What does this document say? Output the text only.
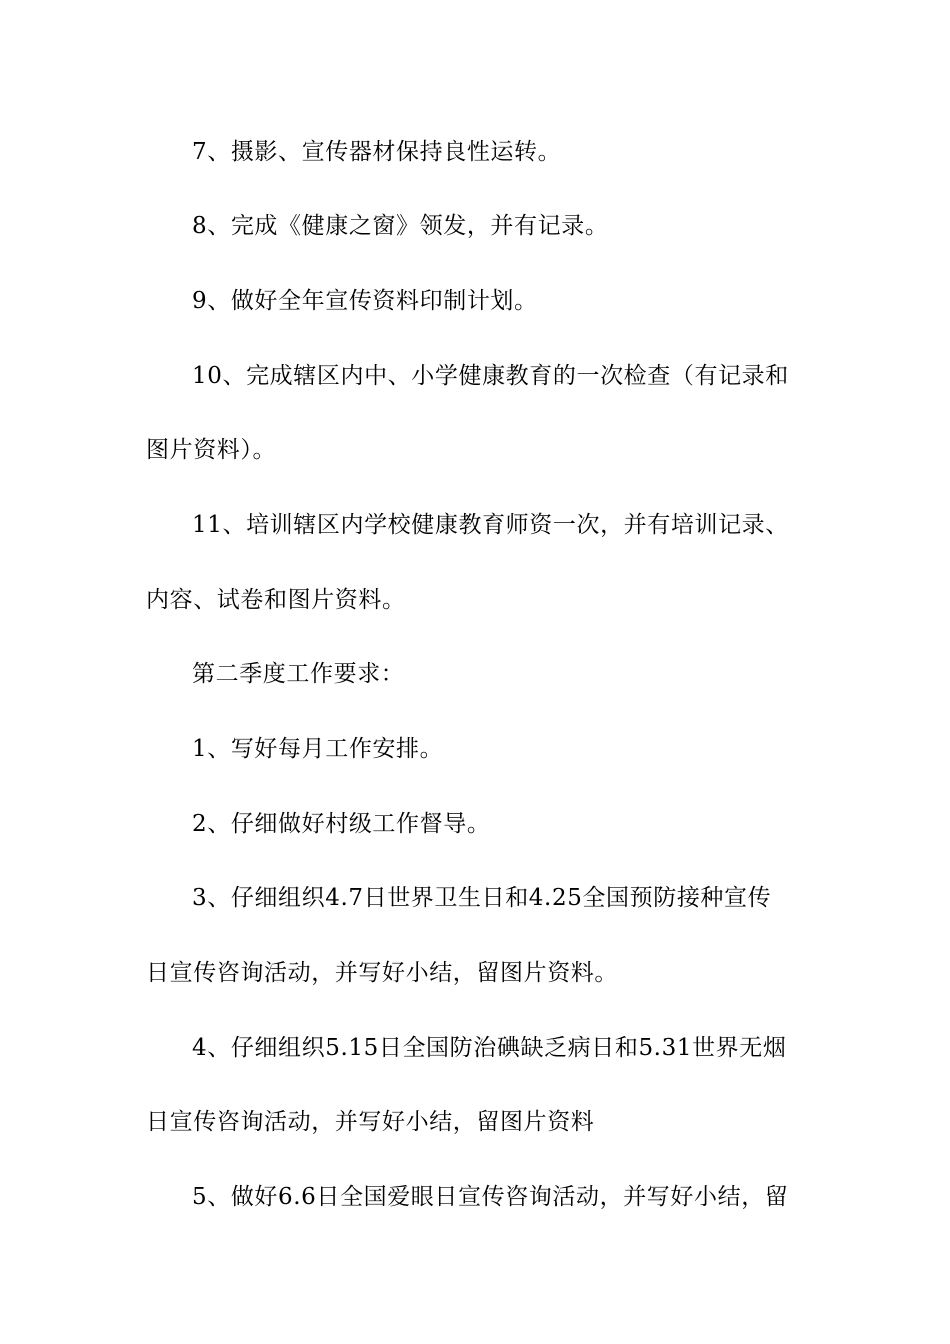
7、摄影、宣传器材保持良性运转。
8、完成《健康之窗》领发，并有记录。
9、做好全年宣传资料印制计划。
10、完成辖区内中、小学健康教育的一次检查（有记录和
图片资料）。
11、培训辖区内学校健康教育师资一次，并有培训记录、
内容、试卷和图片资料。
第二季度工作要求：
1、写好每月工作安排。
2、仔细做好村级工作督导。
3、仔细组织4.7日世界卫生日和4.25全国预防接种宣传
日宣传咨询活动，并写好小结，留图片资料。
4、仔细组织5.15日全国防治碘缺乏病日和5.31世界无烟
日宣传咨询活动，并写好小结，留图片资料
5、做好6.6日全国爱眼日宣传咨询活动，并写好小结，留
